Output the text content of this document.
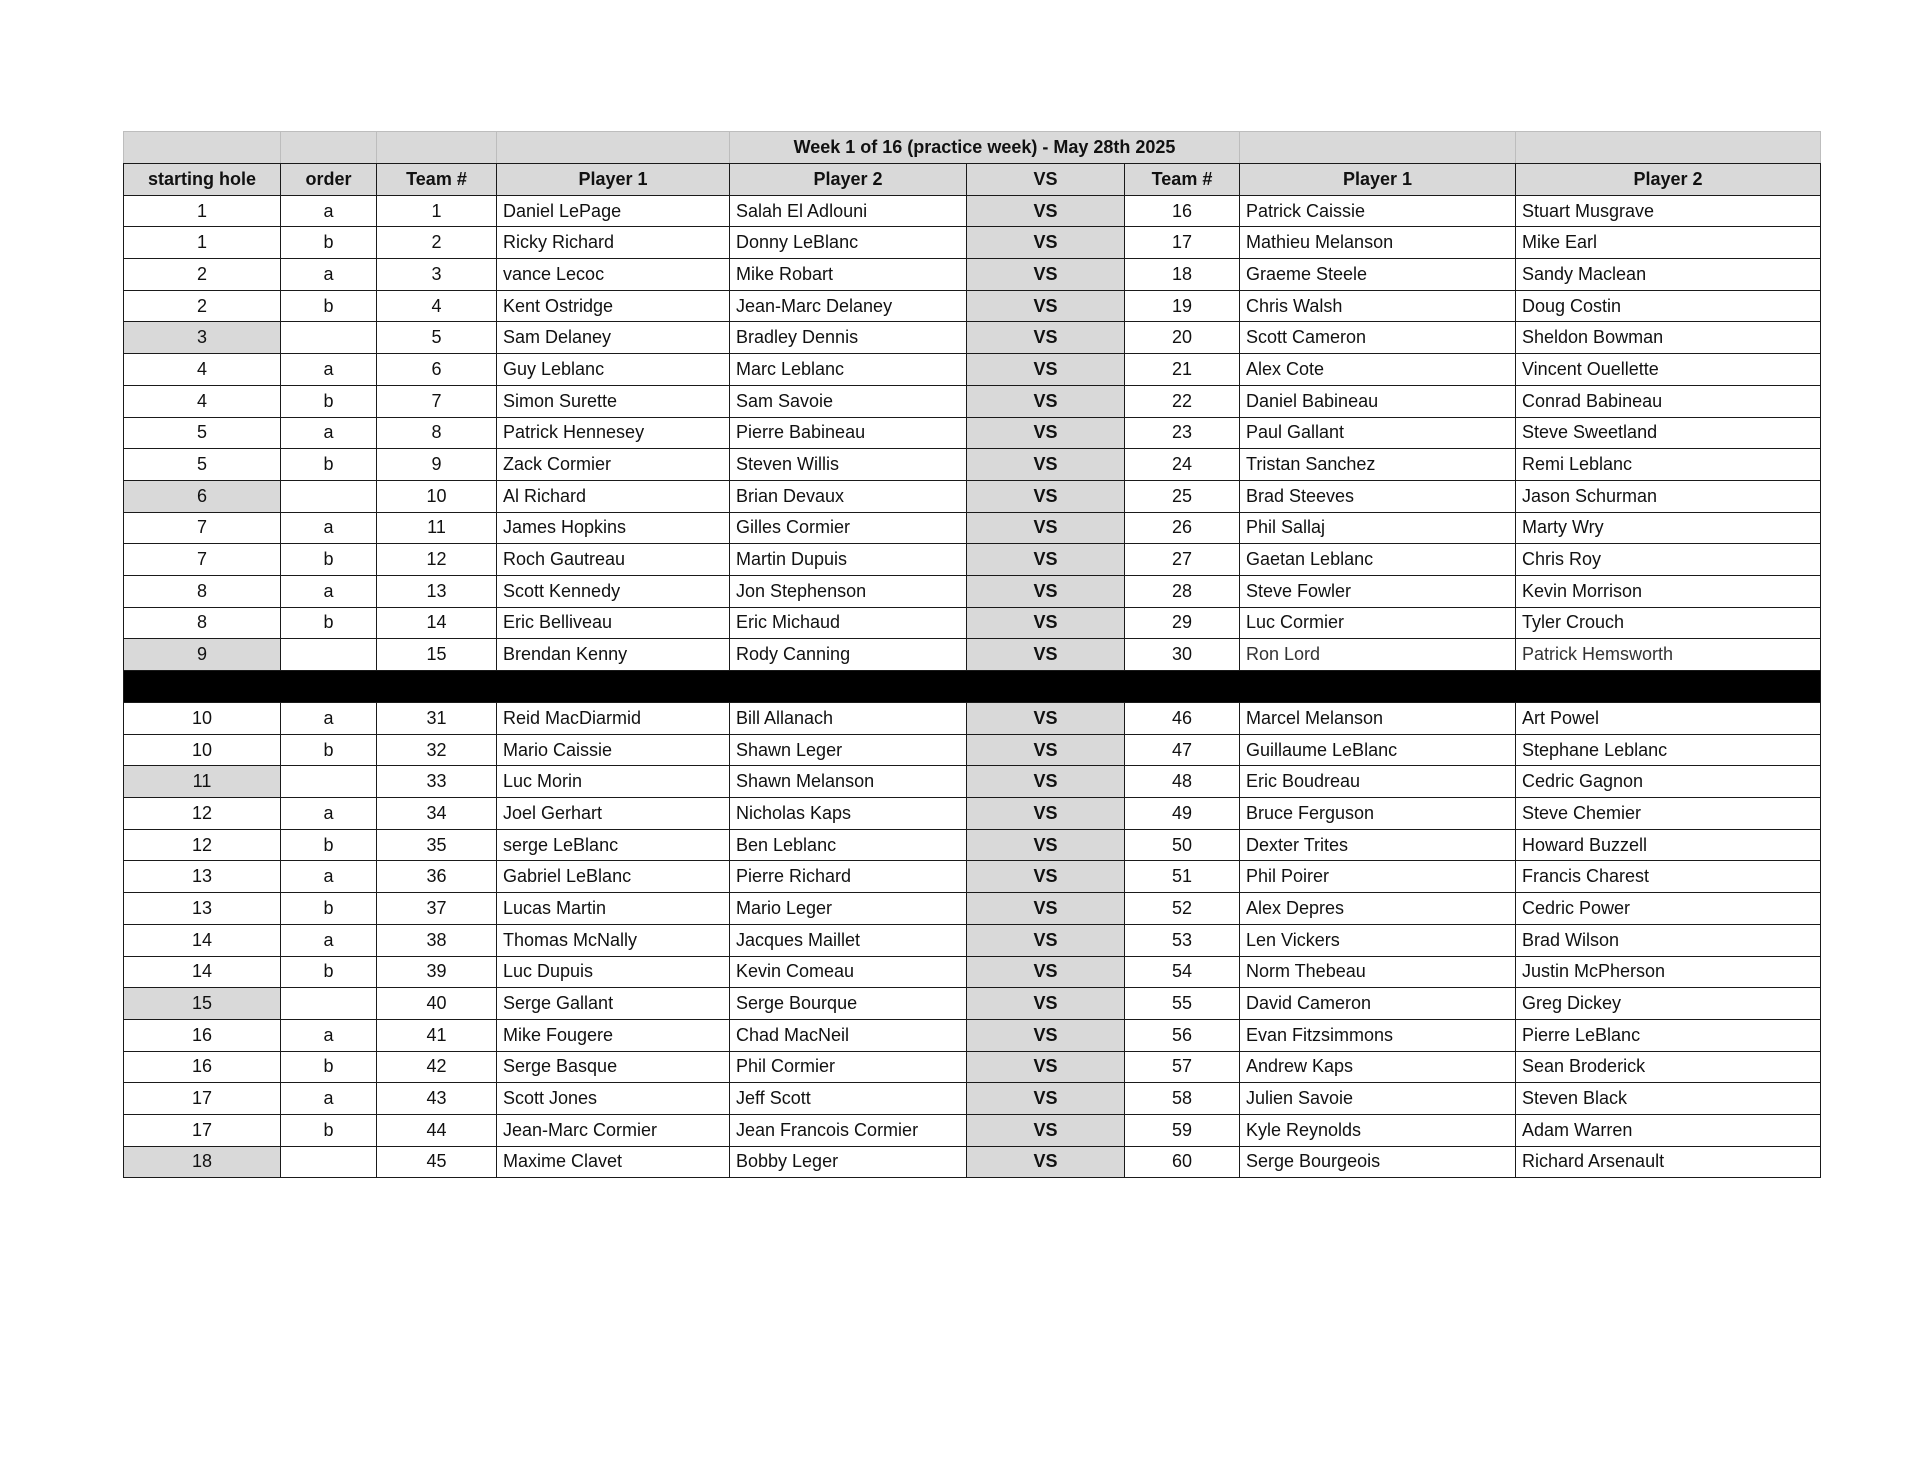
				Week 1 of 16 (practice week) - May 28th 2025				
starting hole	order	Team #	Player 1	Player 2	VS	Team #	Player 1	Player 2
1	a	1	Daniel LePage	Salah El Adlouni	VS	16	Patrick Caissie	Stuart Musgrave
1	b	2	Ricky Richard	Donny LeBlanc	VS	17	Mathieu Melanson	Mike Earl
2	a	3	vance Lecoc	Mike Robart	VS	18	Graeme Steele	Sandy Maclean
2	b	4	Kent Ostridge	Jean-Marc Delaney	VS	19	Chris Walsh	Doug Costin
3		5	Sam Delaney	Bradley Dennis	VS	20	Scott Cameron	Sheldon Bowman
4	a	6	Guy Leblanc	Marc Leblanc	VS	21	Alex Cote	Vincent Ouellette
4	b	7	Simon Surette	Sam Savoie	VS	22	Daniel Babineau	Conrad Babineau
5	a	8	Patrick Hennesey	Pierre Babineau	VS	23	Paul Gallant	Steve Sweetland
5	b	9	Zack Cormier	Steven Willis	VS	24	Tristan Sanchez	Remi Leblanc
6		10	Al Richard	Brian Devaux	VS	25	Brad Steeves	Jason Schurman
7	a	11	James Hopkins	Gilles Cormier	VS	26	Phil Sallaj	Marty Wry
7	b	12	Roch Gautreau	Martin Dupuis	VS	27	Gaetan Leblanc	Chris Roy
8	a	13	Scott Kennedy	Jon Stephenson	VS	28	Steve Fowler	Kevin Morrison
8	b	14	Eric Belliveau	Eric Michaud	VS	29	Luc Cormier	Tyler Crouch
9		15	Brendan Kenny	Rody Canning	VS	30	Ron Lord	Patrick Hemsworth

10	a	31	Reid MacDiarmid	Bill Allanach	VS	46	Marcel Melanson	Art Powel
10	b	32	Mario Caissie	Shawn Leger	VS	47	Guillaume LeBlanc	Stephane Leblanc
11		33	Luc Morin	Shawn Melanson	VS	48	Eric Boudreau	Cedric Gagnon
12	a	34	Joel Gerhart	Nicholas Kaps	VS	49	Bruce Ferguson	Steve Chemier
12	b	35	serge LeBlanc	Ben Leblanc	VS	50	Dexter Trites	Howard Buzzell
13	a	36	Gabriel LeBlanc	Pierre Richard	VS	51	Phil Poirer	Francis Charest
13	b	37	Lucas Martin	Mario Leger	VS	52	Alex Depres	Cedric Power
14	a	38	Thomas McNally	Jacques Maillet	VS	53	Len Vickers	Brad Wilson
14	b	39	Luc Dupuis	Kevin Comeau	VS	54	Norm Thebeau	Justin McPherson
15		40	Serge Gallant	Serge Bourque	VS	55	David Cameron	Greg Dickey
16	a	41	Mike Fougere	Chad MacNeil	VS	56	Evan Fitzsimmons	Pierre LeBlanc
16	b	42	Serge Basque	Phil Cormier	VS	57	Andrew Kaps	Sean Broderick
17	a	43	Scott Jones	Jeff Scott	VS	58	Julien Savoie	Steven Black
17	b	44	Jean-Marc Cormier	Jean Francois Cormier	VS	59	Kyle Reynolds	Adam Warren
18		45	Maxime Clavet	Bobby Leger	VS	60	Serge Bourgeois	Richard Arsenault
